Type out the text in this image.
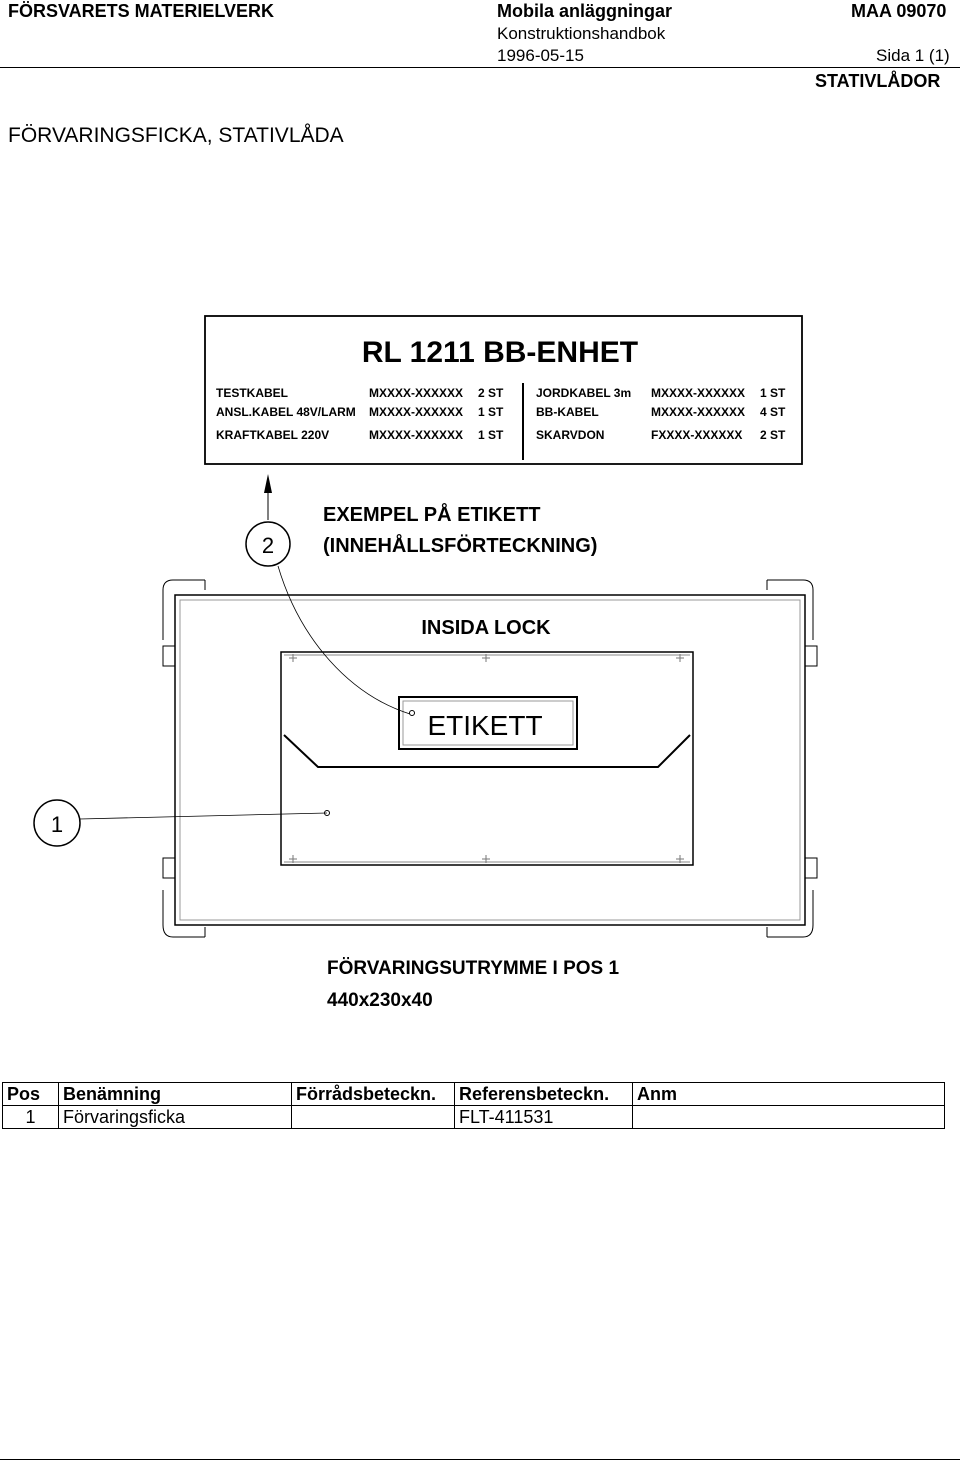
FÖRSVARETS MATERIELVERK	Mobila anläggningar	MAA 09070
Konstruktionshandbok
1996-05-15	Sida 1 (1)
STATIVLÅDOR
FÖRVARINGSFICKA, STATIVLÅDA
RL 1211 BB-ENHET
TESTKABEL	MXXXX-XXXXXX 2 ST
ANSL.KABEL 48V/LARM MXXXX-XXXXXX 1 ST
KRAFTKABEL 220V	MXXXX-XXXXXX 1 ST
JORDKABEL 3m MXXXX-XXXXXX 1 ST
BB-KABEL	MXXXX-XXXXXX 4 ST
SKARVDON	FXXXX-XXXXXX 2 ST
2
EXEMPEL PÅ ETIKETT
(INNEHÅLLSFÖRTECKNING)
INSIDA LOCK
ETIKETT
1
FÖRVARINGSUTRYMME I POS 1
440x230x40
Pos	Benämning	Förrådsbeteckn.	Referensbeteckn.	Anm
1	Förvaringsficka		FLT-411531	
